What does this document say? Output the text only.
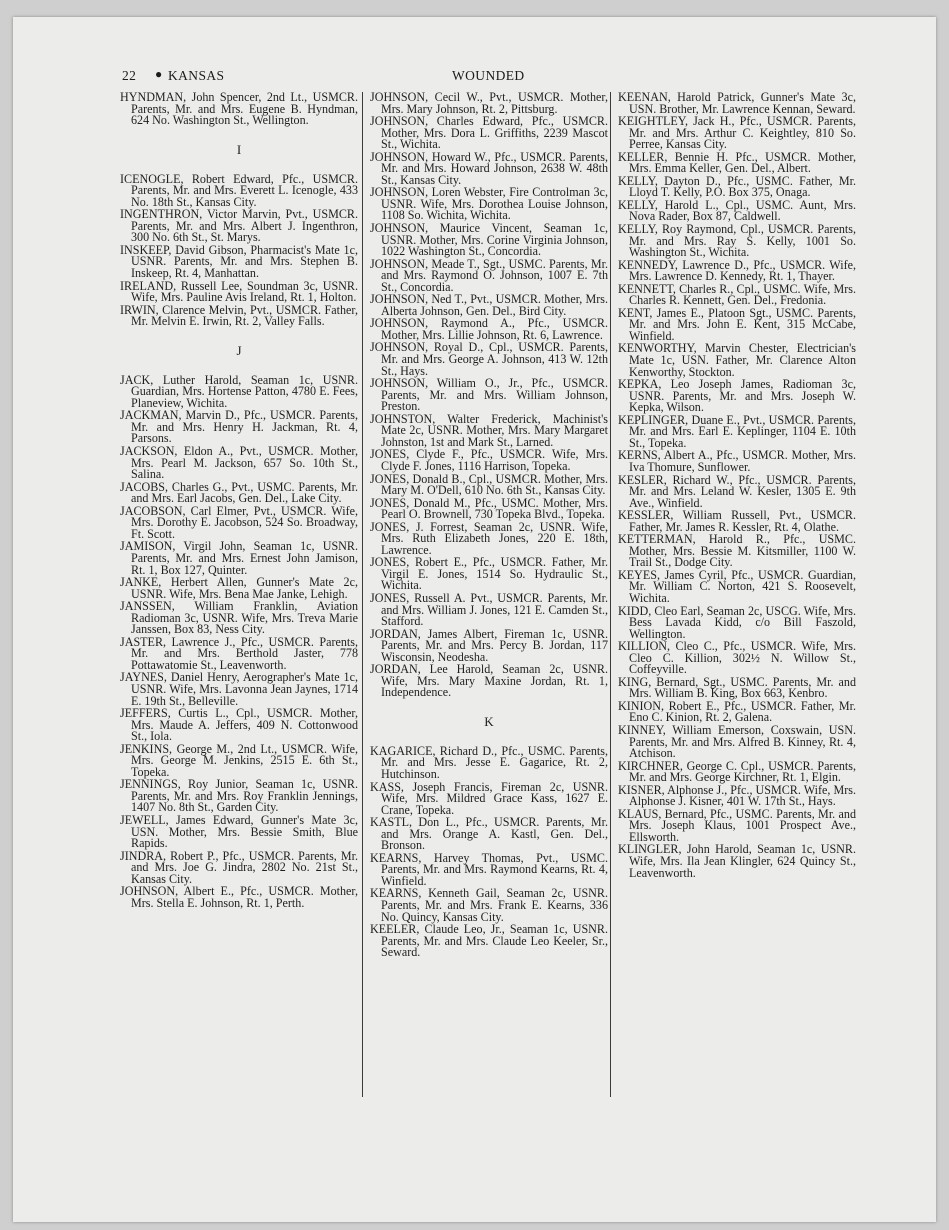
22 ● KANSAS	WOUNDED

HYNDMAN, John Spencer, 2nd Lt., USMCR. Parents, Mr. and Mrs. Eugene B. Hyndman, 624 No. Washington St., Wellington.

I

ICENOGLE, Robert Edward, Pfc., USMCR. Parents, Mr. and Mrs. Everett L. Icenogle, 433 No. 18th St., Kansas City.

INGENTHRON, Victor Marvin, Pvt., USMCR. Parents, Mr. and Mrs. Albert J. Ingenthron, 300 No. 6th St., St. Marys.

INSKEEP, David Gibson, Pharmacist's Mate 1c, USNR. Parents, Mr. and Mrs. Stephen B. Inskeep, Rt. 4, Manhattan.

IRELAND, Russell Lee, Soundman 3c, USNR. Wife, Mrs. Pauline Avis Ireland, Rt. 1, Holton.

IRWIN, Clarence Melvin, Pvt., USMCR. Father, Mr. Melvin E. Irwin, Rt. 2, Valley Falls.

J

JACK, Luther Harold, Seaman 1c, USNR. Guardian, Mrs. Hortense Patton, 4780 E. Fees, Planeview, Wichita.

JACKMAN, Marvin D., Pfc., USMCR. Parents, Mr. and Mrs. Henry H. Jackman, Rt. 4, Parsons.

JACKSON, Eldon A., Pvt., USMCR. Mother, Mrs. Pearl M. Jackson, 657 So. 10th St., Salina.

JACOBS, Charles G., Pvt., USMC. Parents, Mr. and Mrs. Earl Jacobs, Gen. Del., Lake City.

JACOBSON, Carl Elmer, Pvt., USMCR. Wife, Mrs. Dorothy E. Jacobson, 524 So. Broadway, Ft. Scott.

JAMISON, Virgil John, Seaman 1c, USNR. Parents, Mr. and Mrs. Ernest John Jamison, Rt. 1, Box 127, Quinter.

JANKE, Herbert Allen, Gunner's Mate 2c, USNR. Wife, Mrs. Bena Mae Janke, Lehigh.

JANSSEN, William Franklin, Aviation Radioman 3c, USNR. Wife, Mrs. Treva Marie Janssen, Box 83, Ness City.

JASTER, Lawrence J., Pfc., USMCR. Parents, Mr. and Mrs. Berthold Jaster, 778 Pottawatomie St., Leavenworth.

JAYNES, Daniel Henry, Aerographer's Mate 1c, USNR. Wife, Mrs. Lavonna Jean Jaynes, 1714 E. 19th St., Belleville.

JEFFERS, Curtis L., Cpl., USMCR. Mother, Mrs. Maude A. Jeffers, 409 N. Cottonwood St., Iola.

JENKINS, George M., 2nd Lt., USMCR. Wife, Mrs. George M. Jenkins, 2515 E. 6th St., Topeka.

JENNINGS, Roy Junior, Seaman 1c, USNR. Parents, Mr. and Mrs. Roy Franklin Jennings, 1407 No. 8th St., Garden City.

JEWELL, James Edward, Gunner's Mate 3c, USN. Mother, Mrs. Bessie Smith, Blue Rapids.

JINDRA, Robert P., Pfc., USMCR. Parents, Mr. and Mrs. Joe G. Jindra, 2802 No. 21st St., Kansas City.

JOHNSON, Albert E., Pfc., USMCR. Mother, Mrs. Stella E. Johnson, Rt. 1, Perth.

JOHNSON, Cecil W., Pvt., USMCR. Mother, Mrs. Mary Johnson, Rt. 2, Pittsburg.

JOHNSON, Charles Edward, Pfc., USMCR. Mother, Mrs. Dora L. Griffiths, 2239 Mascot St., Wichita.

JOHNSON, Howard W., Pfc., USMCR. Parents, Mr. and Mrs. Howard Johnson, 2638 W. 48th St., Kansas City.

JOHNSON, Loren Webster, Fire Controlman 3c, USNR. Wife, Mrs. Dorothea Louise Johnson, 1108 So. Wichita, Wichita.

JOHNSON, Maurice Vincent, Seaman 1c, USNR. Mother, Mrs. Corine Virginia Johnson, 1022 Washington St., Concordia.

JOHNSON, Meade T., Sgt., USMC. Parents, Mr. and Mrs. Raymond O. Johnson, 1007 E. 7th St., Concordia.

JOHNSON, Ned T., Pvt., USMCR. Mother, Mrs. Alberta Johnson, Gen. Del., Bird City.

JOHNSON, Raymond A., Pfc., USMCR. Mother, Mrs. Lillie Johnson, Rt. 6, Lawrence.

JOHNSON, Royal D., Cpl., USMCR. Parents, Mr. and Mrs. George A. Johnson, 413 W. 12th St., Hays.

JOHNSON, William O., Jr., Pfc., USMCR. Parents, Mr. and Mrs. William Johnson, Preston.

JOHNSTON, Walter Frederick, Machinist's Mate 2c, USNR. Mother, Mrs. Mary Margaret Johnston, 1st and Mark St., Larned.

JONES, Clyde F., Pfc., USMCR. Wife, Mrs. Clyde F. Jones, 1116 Harrison, Topeka.

JONES, Donald B., Cpl., USMCR. Mother, Mrs. Mary M. O'Dell, 610 No. 6th St., Kansas City.

JONES, Donald M., Pfc., USMC. Mother, Mrs. Pearl O. Brownell, 730 Topeka Blvd., Topeka.

JONES, J. Forrest, Seaman 2c, USNR. Wife, Mrs. Ruth Elizabeth Jones, 220 E. 18th, Lawrence.

JONES, Robert E., Pfc., USMCR. Father, Mr. Virgil E. Jones, 1514 So. Hydraulic St., Wichita.

JONES, Russell A. Pvt., USMCR. Parents, Mr. and Mrs. William J. Jones, 121 E. Camden St., Stafford.

JORDAN, James Albert, Fireman 1c, USNR. Parents, Mr. and Mrs. Percy B. Jordan, 117 Wisconsin, Neodesha.

JORDAN, Lee Harold, Seaman 2c, USNR. Wife, Mrs. Mary Maxine Jordan, Rt. 1, Independence.

K

KAGARICE, Richard D., Pfc., USMC. Parents, Mr. and Mrs. Jesse E. Gagarice, Rt. 2, Hutchinson.

KASS, Joseph Francis, Fireman 2c, USNR. Wife, Mrs. Mildred Grace Kass, 1627 E. Crane, Topeka.

KASTL, Don L., Pfc., USMCR. Parents, Mr. and Mrs. Orange A. Kastl, Gen. Del., Bronson.

KEARNS, Harvey Thomas, Pvt., USMC. Parents, Mr. and Mrs. Raymond Kearns, Rt. 4, Winfield.

KEARNS, Kenneth Gail, Seaman 2c, USNR. Parents, Mr. and Mrs. Frank E. Kearns, 336 No. Quincy, Kansas City.

KEELER, Claude Leo, Jr., Seaman 1c, USNR. Parents, Mr. and Mrs. Claude Leo Keeler, Sr., Seward.

KEENAN, Harold Patrick, Gunner's Mate 3c, USN. Brother, Mr. Lawrence Kennan, Seward.

KEIGHTLEY, Jack H., Pfc., USMCR. Parents, Mr. and Mrs. Arthur C. Keightley, 810 So. Perree, Kansas City.

KELLER, Bennie H. Pfc., USMCR. Mother, Mrs. Emma Keller, Gen. Del., Albert.

KELLY, Dayton D., Pfc., USMC. Father, Mr. Lloyd T. Kelly, P.O. Box 375, Onaga.

KELLY, Harold L., Cpl., USMC. Aunt, Mrs. Nova Rader, Box 87, Caldwell.

KELLY, Roy Raymond, Cpl., USMCR. Parents, Mr. and Mrs. Ray S. Kelly, 1001 So. Washington St., Wichita.

KENNEDY, Lawrence D., Pfc., USMCR. Wife, Mrs. Lawrence D. Kennedy, Rt. 1, Thayer.

KENNETT, Charles R., Cpl., USMC. Wife, Mrs. Charles R. Kennett, Gen. Del., Fredonia.

KENT, James E., Platoon Sgt., USMC. Parents, Mr. and Mrs. John E. Kent, 315 McCabe, Winfield.

KENWORTHY, Marvin Chester, Electrician's Mate 1c, USN. Father, Mr. Clarence Alton Kenworthy, Stockton.

KEPKA, Leo Joseph James, Radioman 3c, USNR. Parents, Mr. and Mrs. Joseph W. Kepka, Wilson.

KEPLINGER, Duane E., Pvt., USMCR. Parents, Mr. and Mrs. Earl E. Keplinger, 1104 E. 10th St., Topeka.

KERNS, Albert A., Pfc., USMCR. Mother, Mrs. Iva Thomure, Sunflower.

KESLER, Richard W., Pfc., USMCR. Parents, Mr. and Mrs. Leland W. Kesler, 1305 E. 9th Ave., Winfield.

KESSLER, William Russell, Pvt., USMCR. Father, Mr. James R. Kessler, Rt. 4, Olathe.

KETTERMAN, Harold R., Pfc., USMC. Mother, Mrs. Bessie M. Kitsmiller, 1100 W. Trail St., Dodge City.

KEYES, James Cyril, Pfc., USMCR. Guardian, Mr. William C. Norton, 421 S. Roosevelt, Wichita.

KIDD, Cleo Earl, Seaman 2c, USCG. Wife, Mrs. Bess Lavada Kidd, c/o Bill Faszold, Wellington.

KILLION, Cleo C., Pfc., USMCR. Wife, Mrs. Cleo C. Killion, 302½ N. Willow St., Coffeyville.

KING, Bernard, Sgt., USMC. Parents, Mr. and Mrs. William B. King, Box 663, Kenbro.

KINION, Robert E., Pfc., USMCR. Father, Mr. Eno C. Kinion, Rt. 2, Galena.

KINNEY, William Emerson, Coxswain, USN. Parents, Mr. and Mrs. Alfred B. Kinney, Rt. 4, Atchison.

KIRCHNER, George C. Cpl., USMCR. Parents, Mr. and Mrs. George Kirchner, Rt. 1, Elgin.

KISNER, Alphonse J., Pfc., USMCR. Wife, Mrs. Alphonse J. Kisner, 401 W. 17th St., Hays.

KLAUS, Bernard, Pfc., USMC. Parents, Mr. and Mrs. Joseph Klaus, 1001 Prospect Ave., Ellsworth.

KLINGLER, John Harold, Seaman 1c, USNR. Wife, Mrs. Ila Jean Klingler, 624 Quincy St., Leavenworth.
